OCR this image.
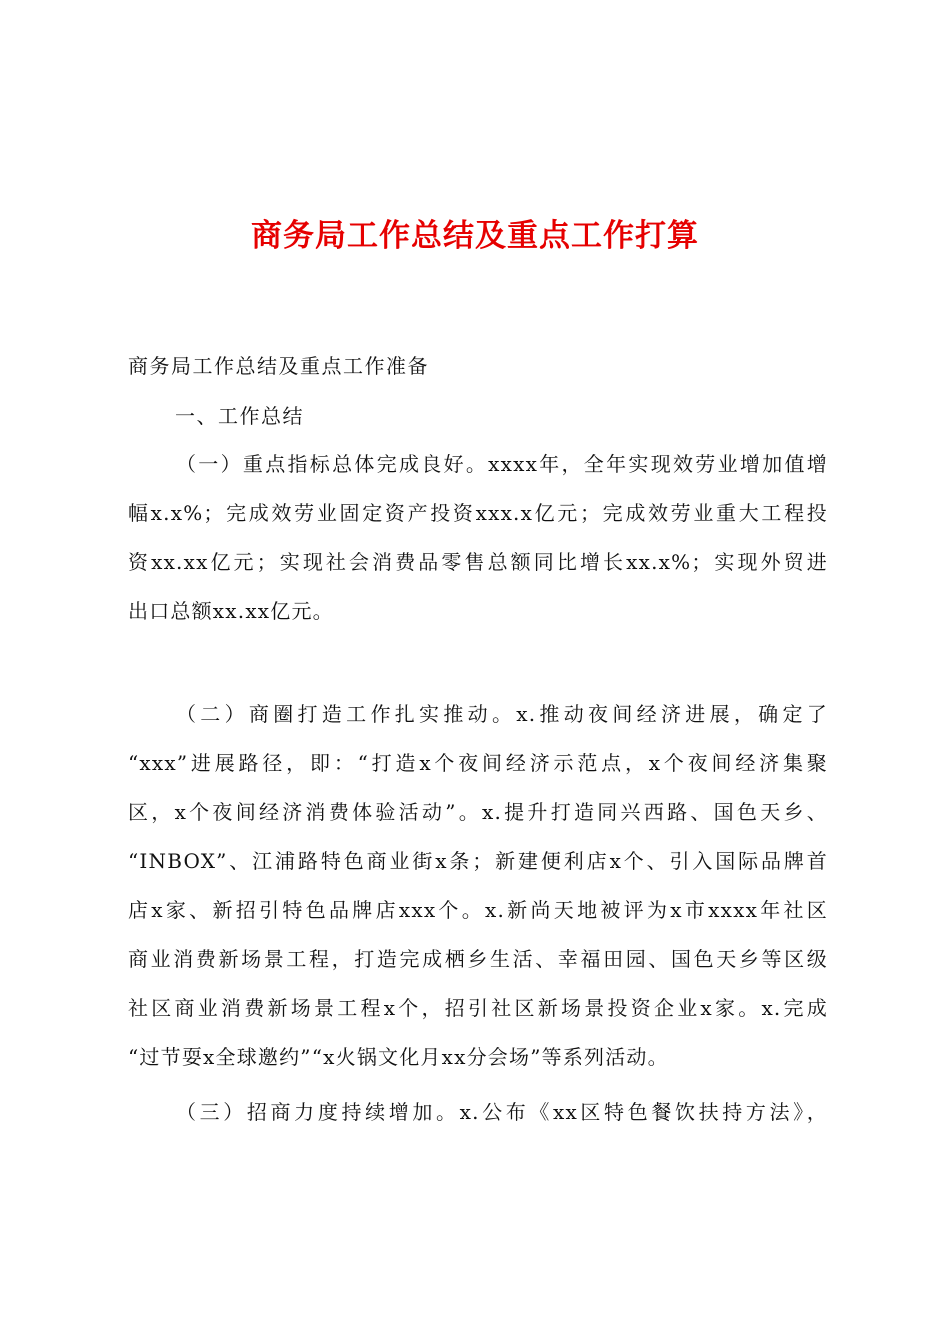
商务局工作总结及重点工作打算
商务局工作总结及重点工作准备
一、工作总结
（一）重点指标总体完成良好。xxxx年，全年实现效劳业增加值增
幅x.x%；完成效劳业固定资产投资xxx.x亿元；完成效劳业重大工程投
资xx.xx亿元；实现社会消费品零售总额同比增长xx.x%；实现外贸进
出口总额xx.xx亿元。
（二）商圈打造工作扎实推动。x.推动夜间经济进展，确定了
“xxx”进展路径，即：“打造x个夜间经济示范点，x个夜间经济集聚
区，x个夜间经济消费体验活动”。x.提升打造同兴西路、国色天乡、
“INBOX”、江浦路特色商业街x条；新建便利店x个、引入国际品牌首
店x家、新招引特色品牌店xxx个。x.新尚天地被评为x市xxxx年社区
商业消费新场景工程，打造完成栖乡生活、幸福田园、国色天乡等区级
社区商业消费新场景工程x个，招引社区新场景投资企业x家。x.完成
“过节耍x全球邀约”“x火锅文化月xx分会场”等系列活动。
（三）招商力度持续增加。x.公布《xx区特色餐饮扶持方法》，
